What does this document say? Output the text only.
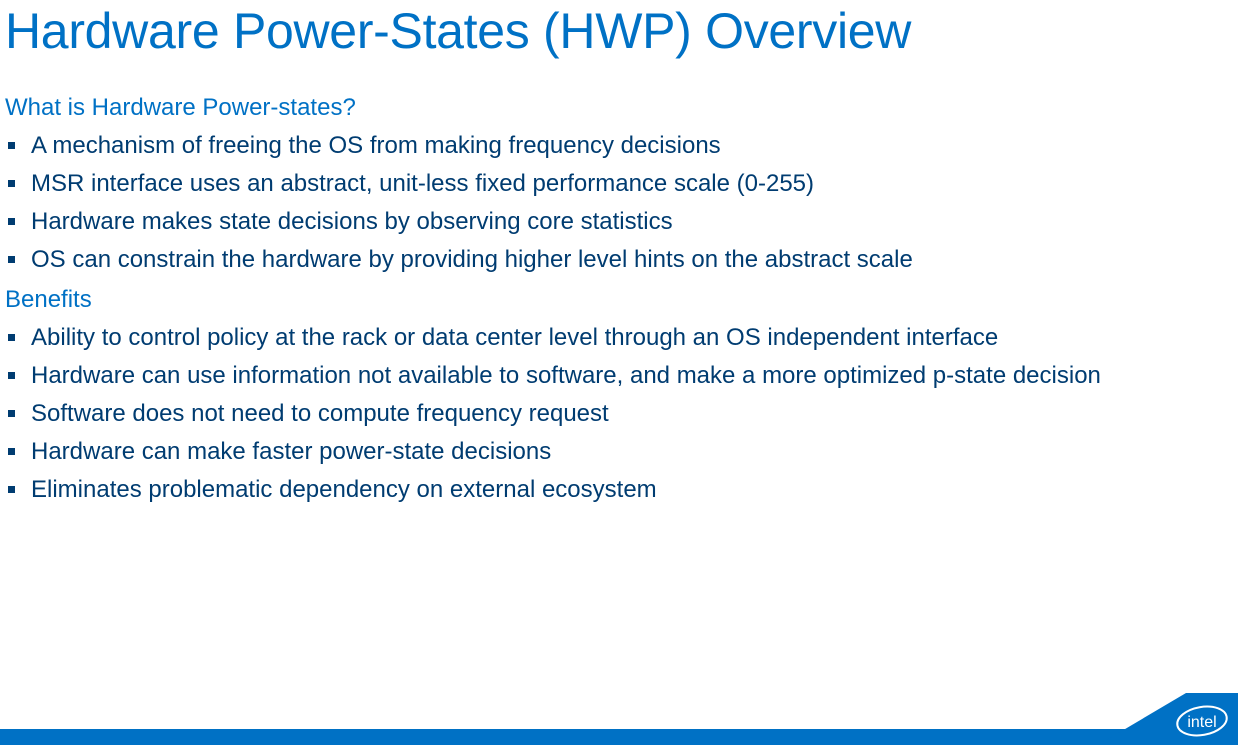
Hardware Power-States (HWP) Overview
What is Hardware Power-states?
A mechanism of freeing the OS from making frequency decisions
MSR interface uses an abstract, unit-less fixed performance scale (0-255)
Hardware makes state decisions by observing core statistics
OS can constrain the hardware by providing higher level hints on the abstract scale
Benefits
Ability to control policy at the rack or data center level through an OS independent interface
Hardware can use information not available to software, and make a more optimized p-state decision
Software does not need to compute frequency request
Hardware can make faster power-state decisions
Eliminates problematic dependency on external ecosystem
intel
